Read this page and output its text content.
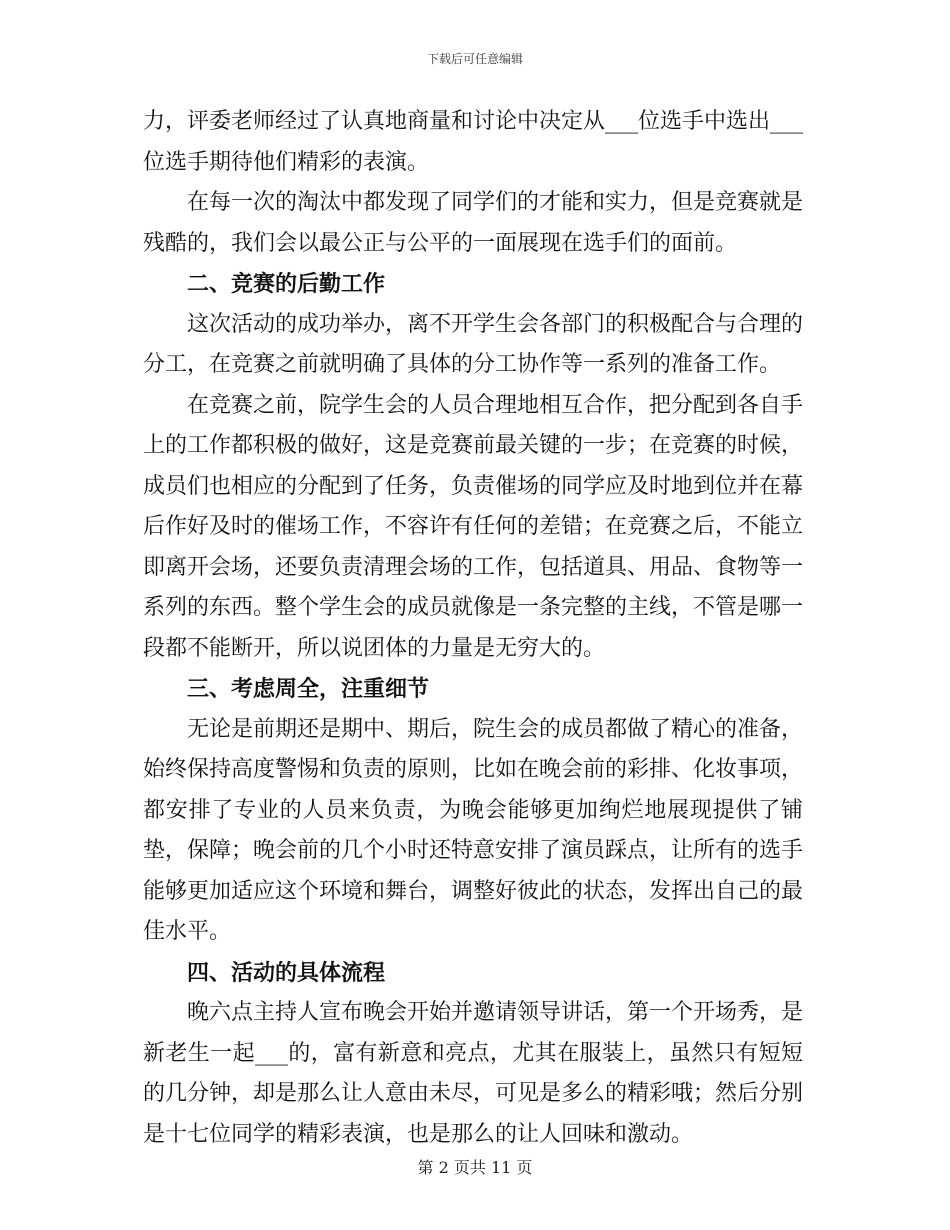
下载后可任意编辑

力，评委老师经过了认真地商量和讨论中决定从___位选手中选出___位选手期待他们精彩的表演。

在每一次的淘汰中都发现了同学们的才能和实力，但是竞赛就是残酷的，我们会以最公正与公平的一面展现在选手们的面前。

二、竞赛的后勤工作

这次活动的成功举办，离不开学生会各部门的积极配合与合理的分工，在竞赛之前就明确了具体的分工协作等一系列的准备工作。

在竞赛之前，院学生会的人员合理地相互合作，把分配到各自手上的工作都积极的做好，这是竞赛前最关键的一步；在竞赛的时候，成员们也相应的分配到了任务，负责催场的同学应及时地到位并在幕后作好及时的催场工作，不容许有任何的差错；在竞赛之后，不能立即离开会场，还要负责清理会场的工作，包括道具、用品、食物等一系列的东西。整个学生会的成员就像是一条完整的主线，不管是哪一段都不能断开，所以说团体的力量是无穷大的。

三、考虑周全，注重细节

无论是前期还是期中、期后，院生会的成员都做了精心的准备，始终保持高度警惕和负责的原则，比如在晚会前的彩排、化妆事项，都安排了专业的人员来负责，为晚会能够更加绚烂地展现提供了铺垫，保障；晚会前的几个小时还特意安排了演员踩点，让所有的选手能够更加适应这个环境和舞台，调整好彼此的状态，发挥出自己的最佳水平。

四、活动的具体流程

晚六点主持人宣布晚会开始并邀请领导讲话，第一个开场秀，是新老生一起___的，富有新意和亮点，尤其在服装上，虽然只有短短的几分钟，却是那么让人意由未尽，可见是多么的精彩哦；然后分别是十七位同学的精彩表演，也是那么的让人回味和激动。

第 2 页共 11 页
